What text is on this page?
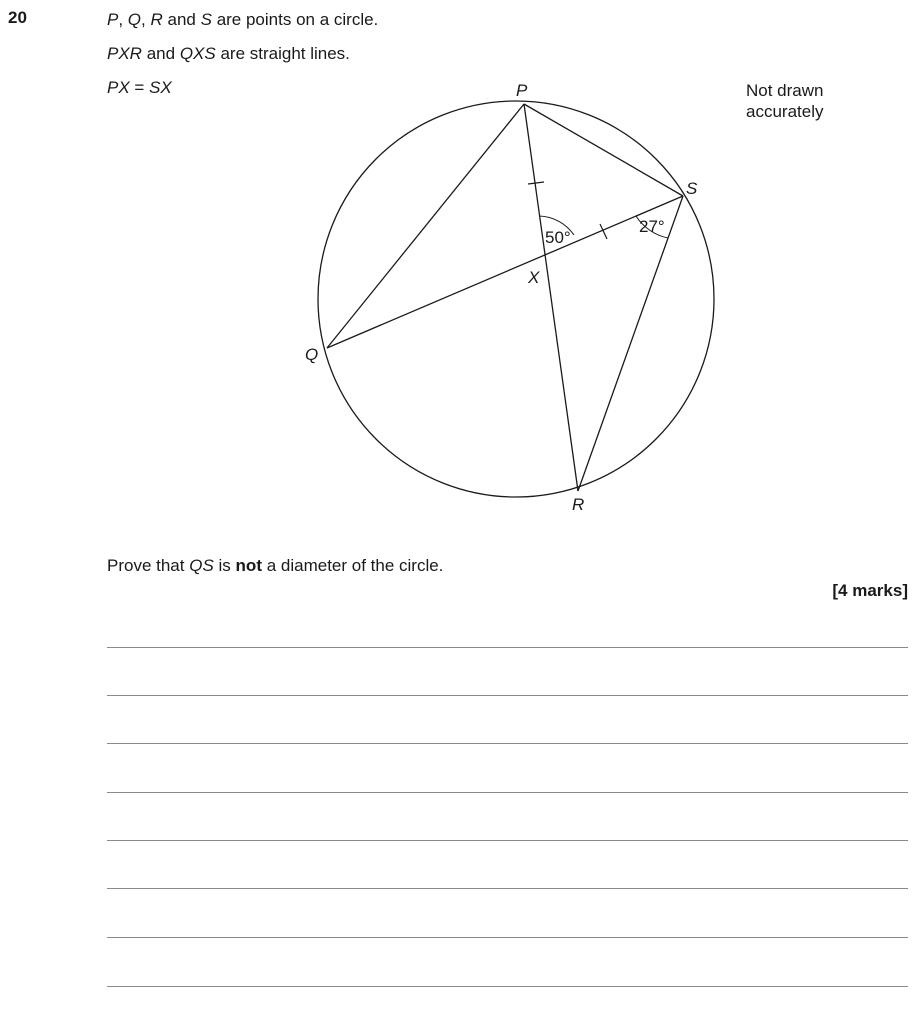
20	P, Q, R and S are points on a circle.
PXR and QXS are straight lines.
PX = SX	Not drawn
accurately
P
Q
R
S
X
50°
27°
Prove that QS is not a diameter of the circle.
[4 marks]
